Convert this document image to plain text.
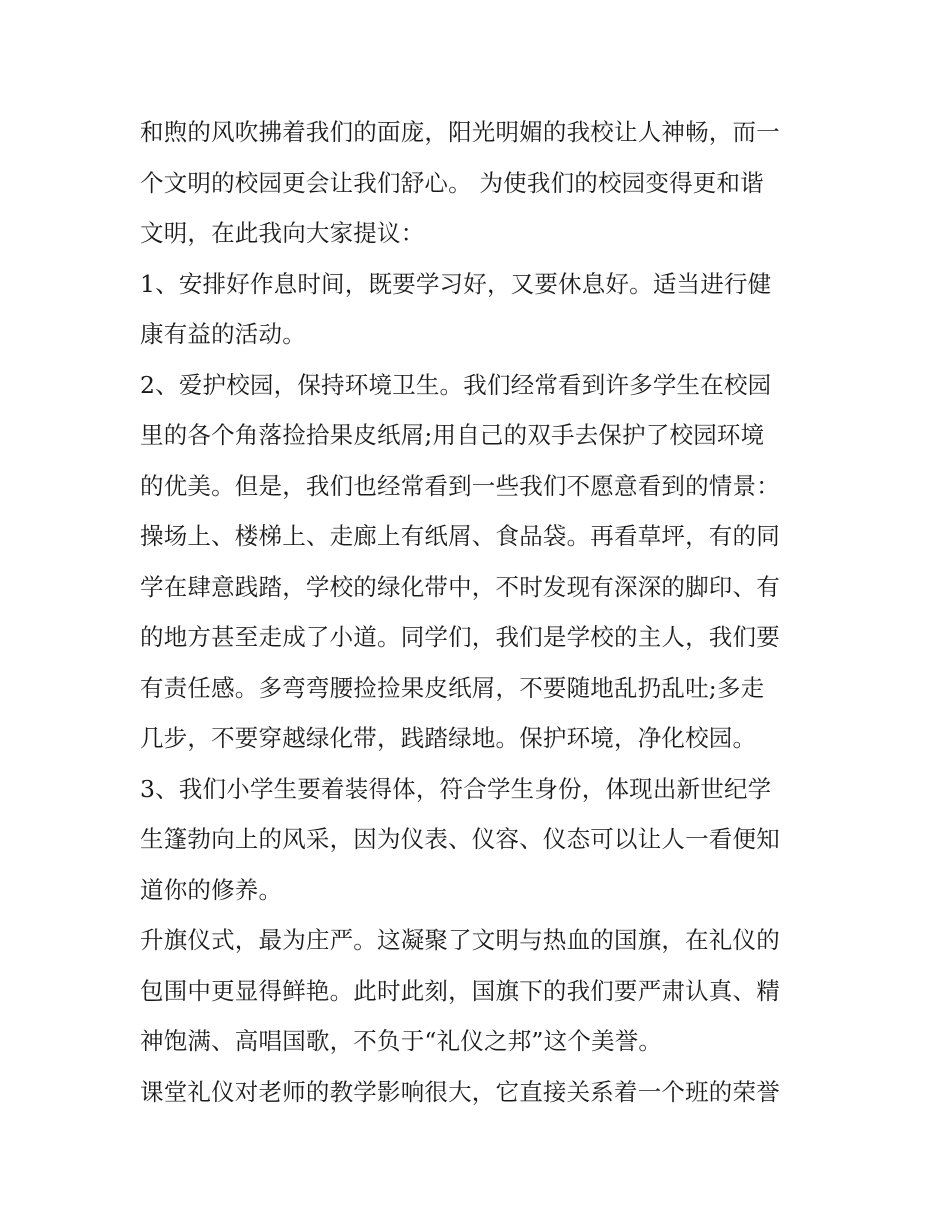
和煦的风吹拂着我们的面庞，阳光明媚的我校让人神畅，而一
个文明的校园更会让我们舒心。 为使我们的校园变得更和谐
文明，在此我向大家提议：
1、安排好作息时间，既要学习好，又要休息好。适当进行健
康有益的活动。
2、爱护校园，保持环境卫生。我们经常看到许多学生在校园
里的各个角落捡拾果皮纸屑;用自己的双手去保护了校园环境
的优美。但是，我们也经常看到一些我们不愿意看到的情景：
操场上、楼梯上、走廊上有纸屑、食品袋。再看草坪，有的同
学在肆意践踏，学校的绿化带中，不时发现有深深的脚印、有
的地方甚至走成了小道。同学们，我们是学校的主人，我们要
有责任感。多弯弯腰捡捡果皮纸屑，不要随地乱扔乱吐;多走
几步，不要穿越绿化带，践踏绿地。保护环境，净化校园。
3、我们小学生要着装得体，符合学生身份，体现出新世纪学
生篷勃向上的风采，因为仪表、仪容、仪态可以让人一看便知
道你的修养。
升旗仪式，最为庄严。这凝聚了文明与热血的国旗，在礼仪的
包围中更显得鲜艳。此时此刻，国旗下的我们要严肃认真、精
神饱满、高唱国歌，不负于“礼仪之邦”这个美誉。
课堂礼仪对老师的教学影响很大，它直接关系着一个班的荣誉
